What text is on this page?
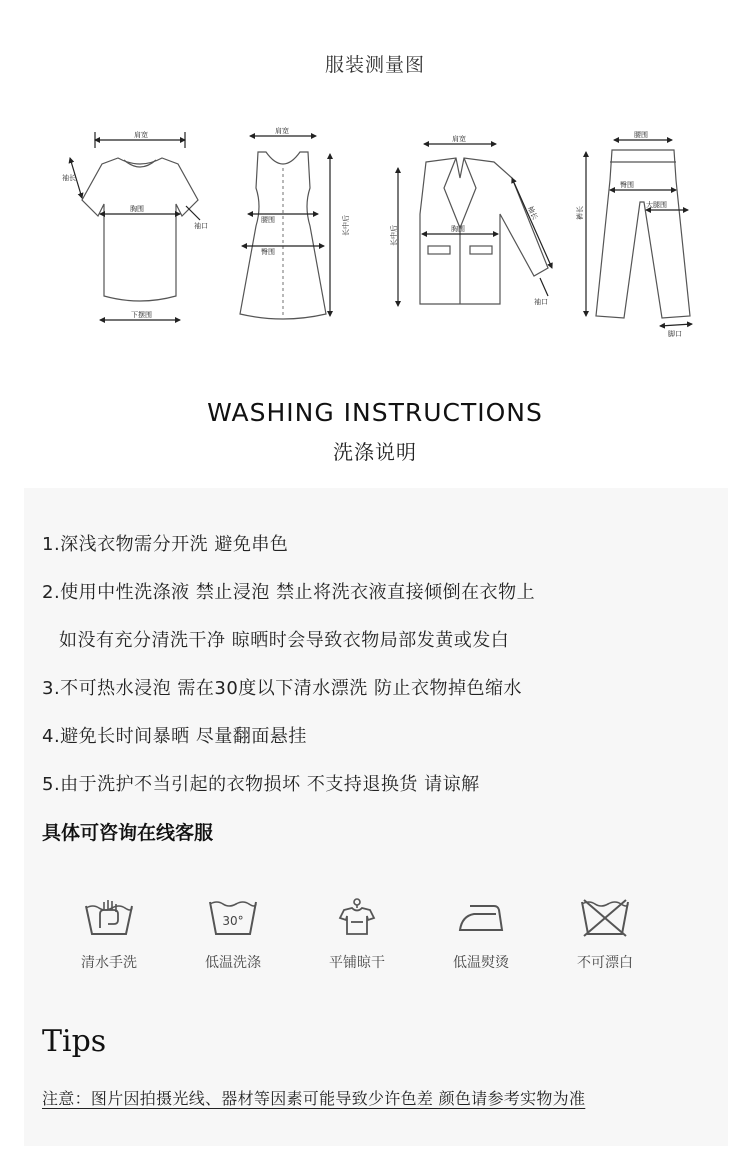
服装测量图
肩宽
胸围
下摆围
袖长
袖口
肩宽
腰围
臀围
长中后
肩宽
胸围
长中后
袖长
袖口
腰围
臀围
大腿围
裤长
脚口
WASHING INSTRUCTIONS
洗涤说明
1.深浅衣物需分开洗 避免串色
2.使用中性洗涤液 禁止浸泡 禁止将洗衣液直接倾倒在衣物上
如没有充分清洗干净 晾晒时会导致衣物局部发黄或发白
3.不可热水浸泡 需在30度以下清水漂洗 防止衣物掉色缩水
4.避免长时间暴晒 尽量翻面悬挂
5.由于洗护不当引起的衣物损坏 不支持退换货 请谅解
具体可咨询在线客服
清水手洗
30°
低温洗涤	平铺晾干	低温熨烫	不可漂白
Tips
注意：图片因拍摄光线、器材等因素可能导致少许色差 颜色请参考实物为准
